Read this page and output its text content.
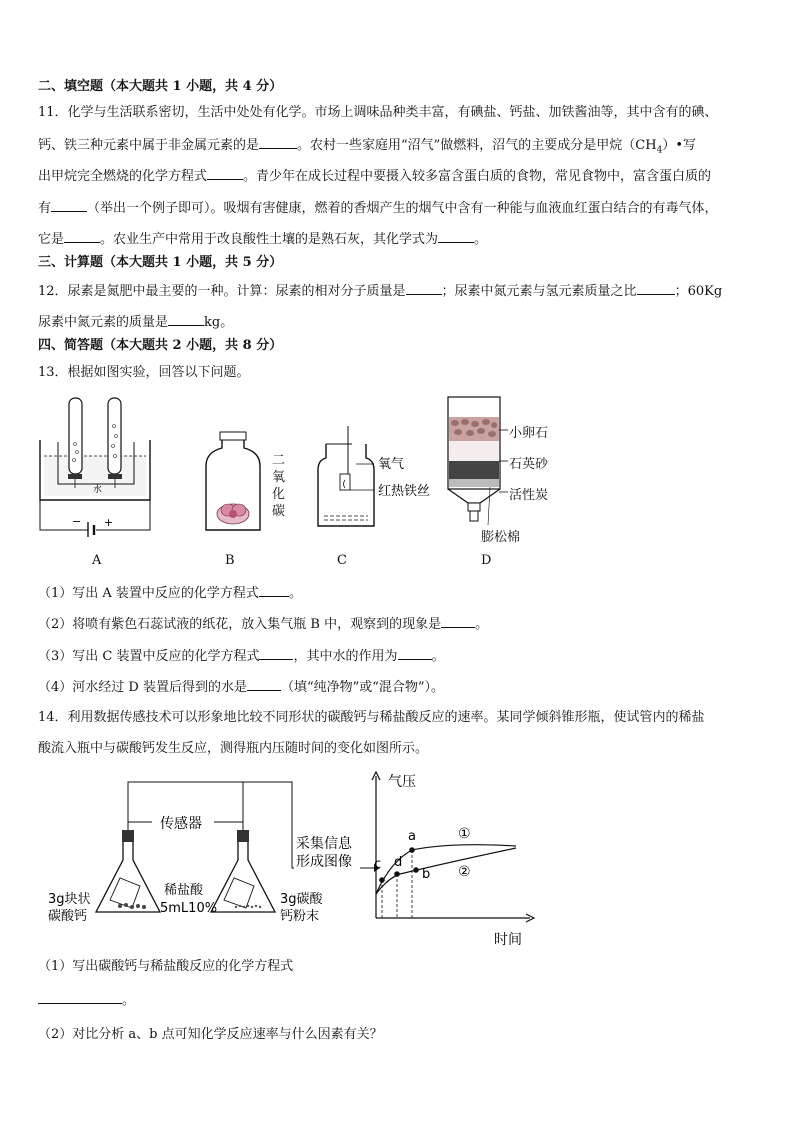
二、填空题（本大题共 1 小题，共 4 分）
11．化学与生活联系密切，生活中处处有化学。市场上调味品种类丰富，有碘盐、钙盐、加铁酱油等，其中含有的碘、
钙、铁三种元素中属于非金属元素的是	。农村一些家庭用“沼气”做燃料，沼气的主要成分是甲烷$(CH_4)•$写
出甲烷完全燃烧的化学方程式	。青少年在成长过程中要摄入较多富含蛋白质的食物，常见食物中，富含蛋白质的
有	（举出一个例子即可）。吸烟有害健康，燃着的香烟产生的烟气中含有一种能与血液血红蛋白结合的有毒气体，
它是	。农业生产中常用于改良酸性土壤的是熟石灰，其化学式为	。
三、计算题（本大题共 1 小题，共 5 分）
12．尿素是氮肥中最主要的一种。计算：尿素的相对分子质量是	；尿素中氮元素与氢元素质量之比	；60Kg
尿素中氮元素的质量是	kg。
四、简答题（本大题共 2 小题，共 8 分）
13．根据如图实验，回答以下问题。
水
− +
二
氧
化
碳
氧气
红热铁丝
小卵石
石英砂
活性炭
膨松棉
A	B	C	D
（1）写出 A 装置中反应的化学方程式 。
（2）将喷有紫色石蕊试液的纸花，放入集气瓶 B 中，观察到的现象是	。
（3）写出 C 装置中反应的化学方程式	，其中水的作用为	。
（4）河水经过 D 装置后得到的水是	（填“纯净物”或“混合物”）。
14．利用数据传感技术可以形象地比较不同形状的碳酸钙与稀盐酸反应的速率。某同学倾斜锥形瓶，使试管内的稀盐
酸流入瓶中与碳酸钙发生反应，测得瓶内压随时间的变化如图所示。
传感器
3g块状
碳酸钙
稀盐酸
5mL10%
3g碳酸
钙粉末
采集信息
形成图像
气压
时间
c d
a
b
①
②
（1）写出碳酸钙与稀盐酸反应的化学方程式
。
（2）对比分析 a、b 点可知化学反应速率与什么因素有关？
